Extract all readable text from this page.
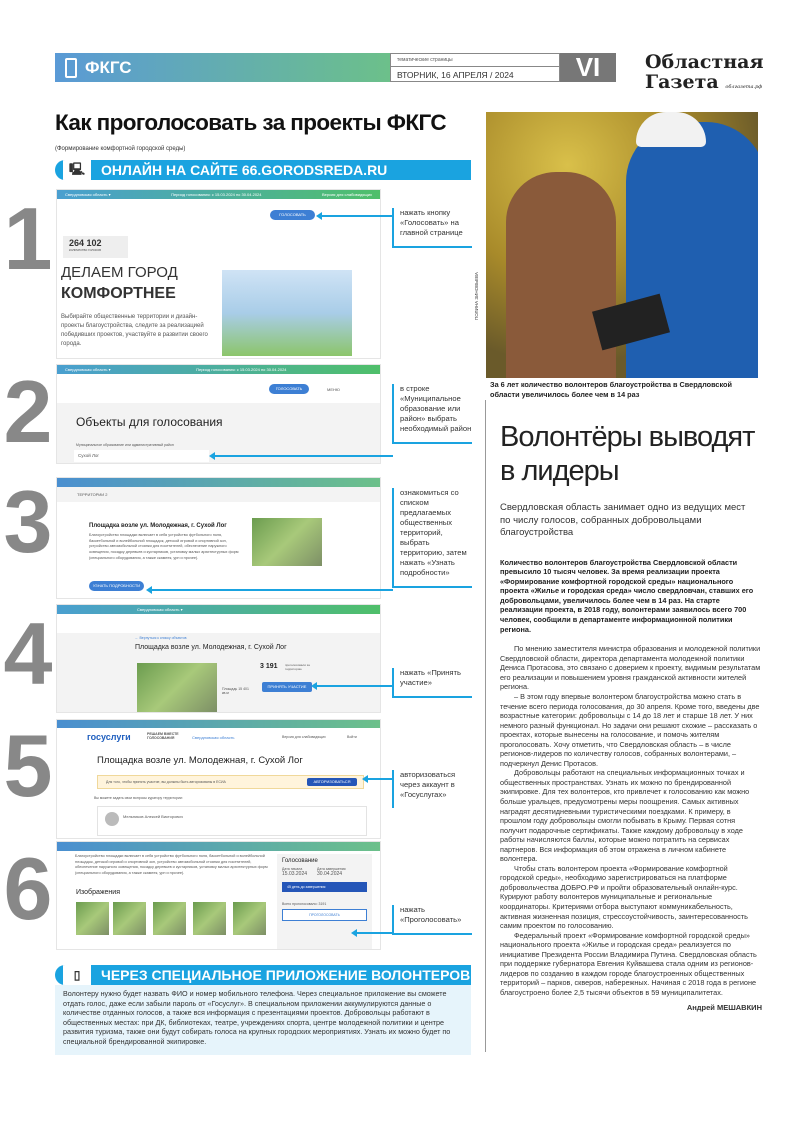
ФКГС	тематические страницы
ВТОРНИК, 16 АПРЕЛЯ / 2024	VI	Областная
Газета облгазета.рф
Как проголосовать за проекты ФКГС
(Формирование комфортной городской среды)
🖳	ОНЛАЙН НА САЙТЕ 66.GORODSREDA.RU
Свердловская область ▾	Период голосования: с 15.03.2024 по 30.04.2024	Версия для слабовидящих
ГОЛОСОВАТЬ
264 102
количество голосов
ДЕЛАЕМ ГОРОД
КОМФОРТНЕЕ
Выбирайте общественные территории и дизайн-проекты благоустройства, следите за реализацией победивших проектов, участвуйте в развитии своего города.
1	нажать кнопку «Голосовать» на главной странице
Свердловская область ▾	Период голосования: с 15.03.2024 по 30.04.2024
ГОЛОСОВАТЬ	МЕНЮ
Объекты для голосования
Муниципальное образование или административный район
Сухой Лог
2	в строке «Муниципальное образование или район» выбрать необходимый район
ТЕРРИТОРИИ 2
Площадка возле ул. Молодежная, г. Сухой Лог
Благоустройство площадки включает в себя устройство футбольного поля, баскетбольной и волейбольной площадок, детской игровой и спортивной зон, устройство автомобильной стоянки для посетителей, обеспечение наружного освещения, посадку деревьев и кустарников, установку малых архитектурных форм (специального оборудования, а также скамеек, урн и прочее).
УЗНАТЬ ПОДРОБНОСТИ
3	ознакомиться со списком предлагаемых общественных территорий, выбрать территорию, затем нажать «Узнать подробности»
Свердловская область ▾
← Вернуться к списку объектов
Площадка возле ул. Молодежная, г. Сухой Лог
Площадь 15 401 кв.м
3 191 проголосовали за территорию
ПРИНЯТЬ УЧАСТИЕ
4	нажать «Принять участие»
госуслуги	РЕШАЕМ ВМЕСТЕ ГОЛОСОВАНИЯ	Свердловская область	Версия для слабовидящих	Войти
Площадка возле ул. Молодежная, г. Сухой Лог
Для того, чтобы принять участие, вы должны быть авторизованы в ЕСИА	АВТОРИЗОВАТЬСЯ
Вы можете задать свои вопросы куратору территории:
Мельников Алексей Викторович
5	авторизоваться через аккаунт в «Госуслугах»
Благоустройство площадки включает в себя устройство футбольного поля, баскетбольной и волейбольной площадок, детской игровой и спортивной зон, устройство автомобильной стоянки для посетителей, обеспечение наружного освещения, посадку деревьев и кустарников, установку малых архитектурных форм (специального оборудования, а также скамеек, урн и прочее).
Изображения
Голосование
Дата начала
15.03.2024
Дата завершения
30.04.2024
45 день до завершения
Всего проголосовало: 3191
ПРОГОЛОСОВАТЬ
6	нажать «Проголосовать»
▯	ЧЕРЕЗ СПЕЦИАЛЬНОЕ ПРИЛОЖЕНИЕ ВОЛОНТЕРОВ
Волонтеру нужно будет назвать ФИО и номер мобильного телефона. Через специальное приложение вы сможете отдать голос, даже если забыли пароль от «Госуслуг». В специальном приложении аккумулируются данные о количестве отданных голосов, а также вся информация с презентациями проектов. Добровольцы работают в общественных местах: при ДК, библиотеках, театре, учреждениях спорта, центре молодежной политики и центре развития туризма, также они будут собирать голоса на крупных городских мероприятиях. Узнать их можно будет по специальной брендированной экипировке.
ПОЛИНА ЗИНОВЬЕВА
За 6 лет количество волонтеров благоустройства в Свердловской области увеличилось более чем в 14 раз
Волонтёры выводят в лидеры
Свердловская область занимает одно из ведущих мест по числу голосов, собранных добровольцами благоустройства
Количество волонтеров благоустройства Свердловской области превысило 10 тысяч человек. За время реализации проекта «Формирование комфортной городской среды» национального проекта «Жилье и городская среда» число свердловчан, ставших его добровольцами, увеличилось более чем в 14 раз. На старте реализации проекта, в 2018 году, волонтерами заявилось всего 700 человек, сообщили в департаменте информационной политики региона.

По мнению заместителя министра образования и молодежной политики Свердловской области, директора департамента молодежной политики Дениса Протасова, это связано с доверием к проекту, видимым результатам его реализации и повышением уровня гражданской активности жителей региона.

– В этом году впервые волонтером благоустройства можно стать в течение всего периода голосования, до 30 апреля. Кроме того, введены две возрастные категории: добровольцы с 14 до 18 лет и старше 18 лет. У них немного разный функционал. Но задачи они решают схожие – рассказать о проектах, которые вынесены на голосование, и помочь жителям проголосовать. Хочу отметить, что Свердловская область – в числе регионов-лидеров по количеству голосов, собранных волонтерами, – подчеркнул Денис Протасов.

Добровольцы работают на специальных информационных точках и общественных пространствах. Узнать их можно по брендированной экипировке. Для тех волонтеров, кто привлечет к голосованию как можно больше уральцев, предусмотрены меры поощрения. Самых активных наградят десятидневными туристическими поездками. К примеру, в прошлом году добровольцы смогли побывать в Крыму. Первая сотня получит подарочные сертификаты. Также каждому добровольцу в ходе работы начисляются баллы, которые можно потратить на сервисах партнеров. Вся информация об этом отражена в личном кабинете волонтера.

Чтобы стать волонтером проекта «Формирование комфортной городской среды», необходимо зарегистрироваться на платформе добровольчества ДОБРО.РФ и пройти образовательный онлайн-курс. Курируют работу волонтеров муниципальные и региональные координаторы. Критериями отбора выступают коммуникабельность, активная жизненная позиция, стрессоустойчивость, заинтересованность самим проектом по голосованию.

Федеральный проект «Формирование комфортной городской среды» национального проекта «Жилье и городская среда» реализуется по инициативе Президента России Владимира Путина. Свердловская область при поддержке губернатора Евгения Куйвашева стала одним из регионов-лидеров по созданию в каждом городе благоустроенных общественных территорий – парков, скверов, набережных. Начиная с 2018 года в регионе благоустроено более 2,5 тысячи объектов в 59 муниципалитетах.

Андрей МЕШАВКИН
